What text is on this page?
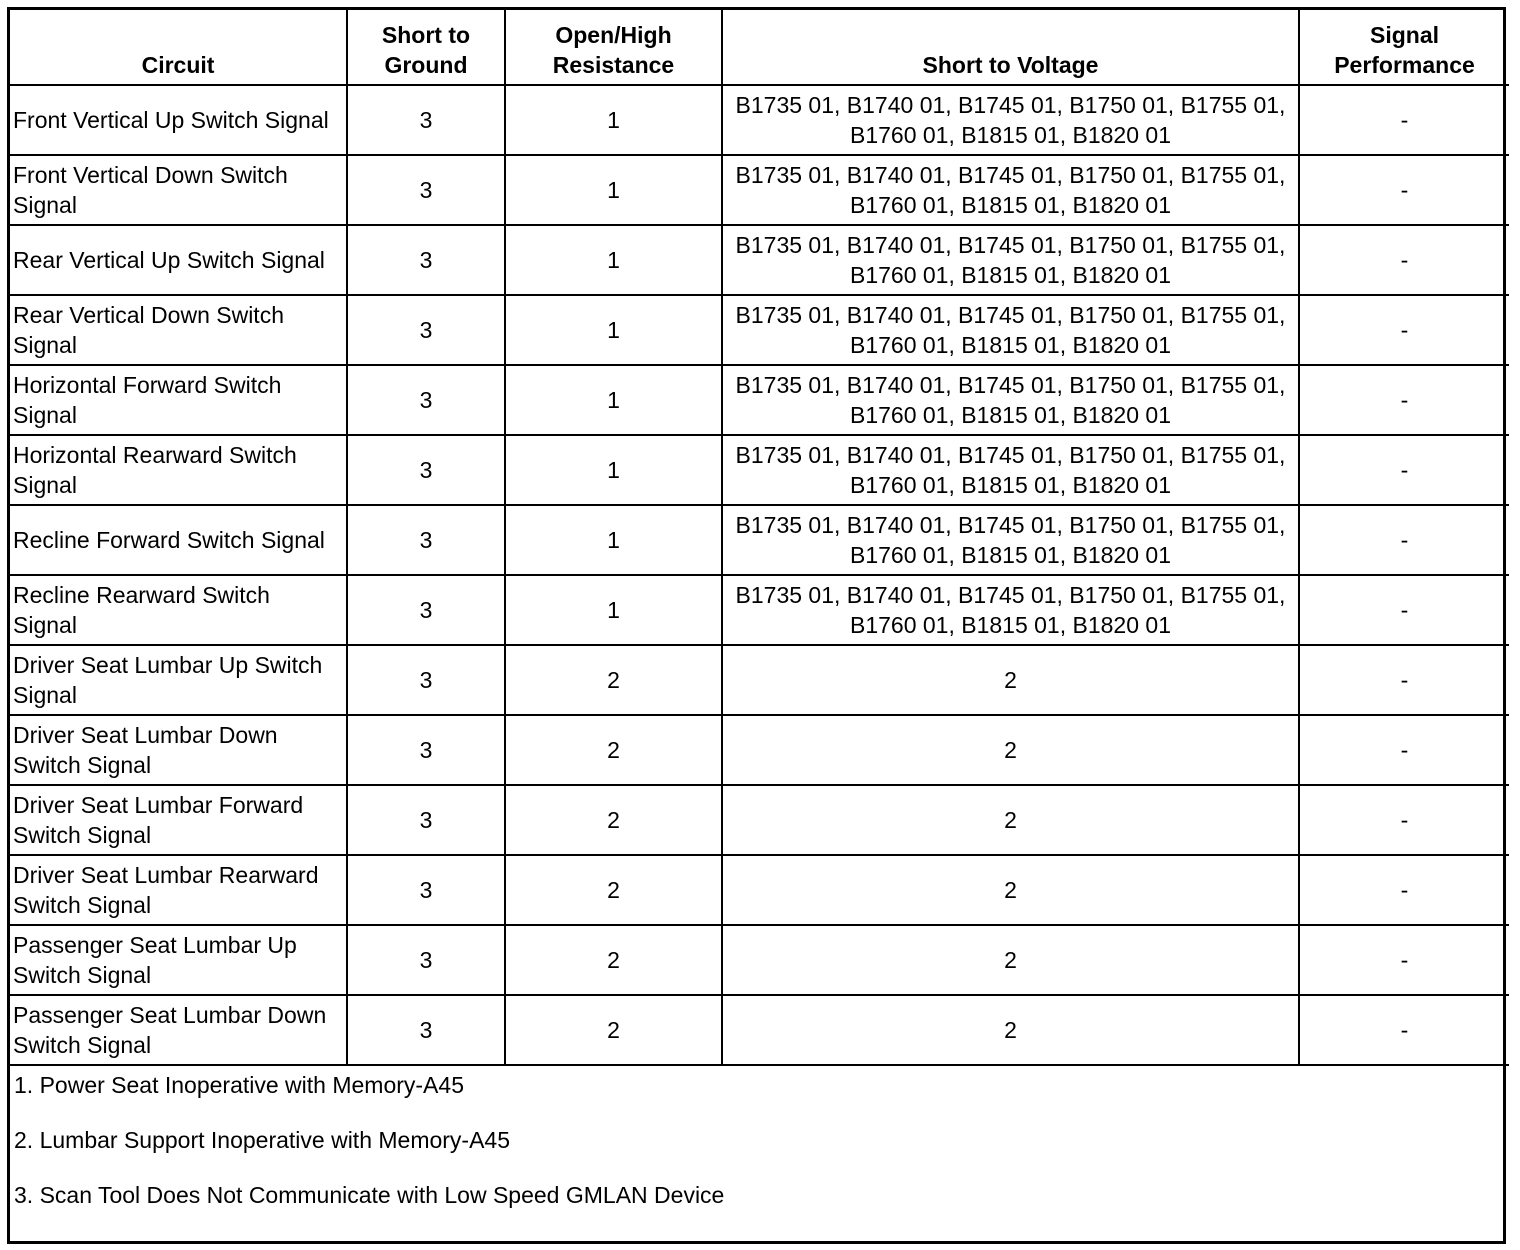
Circuit	Short to Ground	Open/High Resistance	Short to Voltage	Signal Performance
Front Vertical Up Switch Signal	3	1	B1735 01, B1740 01, B1745 01, B1750 01, B1755 01, B1760 01, B1815 01, B1820 01	-
Front Vertical Down Switch Signal	3	1	B1735 01, B1740 01, B1745 01, B1750 01, B1755 01, B1760 01, B1815 01, B1820 01	-
Rear Vertical Up Switch Signal	3	1	B1735 01, B1740 01, B1745 01, B1750 01, B1755 01, B1760 01, B1815 01, B1820 01	-
Rear Vertical Down Switch Signal	3	1	B1735 01, B1740 01, B1745 01, B1750 01, B1755 01, B1760 01, B1815 01, B1820 01	-
Horizontal Forward Switch Signal	3	1	B1735 01, B1740 01, B1745 01, B1750 01, B1755 01, B1760 01, B1815 01, B1820 01	-
Horizontal Rearward Switch Signal	3	1	B1735 01, B1740 01, B1745 01, B1750 01, B1755 01, B1760 01, B1815 01, B1820 01	-
Recline Forward Switch Signal	3	1	B1735 01, B1740 01, B1745 01, B1750 01, B1755 01, B1760 01, B1815 01, B1820 01	-
Recline Rearward Switch Signal	3	1	B1735 01, B1740 01, B1745 01, B1750 01, B1755 01, B1760 01, B1815 01, B1820 01	-
Driver Seat Lumbar Up Switch Signal	3	2	2	-
Driver Seat Lumbar Down Switch Signal	3	2	2	-
Driver Seat Lumbar Forward Switch Signal	3	2	2	-
Driver Seat Lumbar Rearward Switch Signal	3	2	2	-
Passenger Seat Lumbar Up Switch Signal	3	2	2	-
Passenger Seat Lumbar Down Switch Signal	3	2	2	-
1. Power Seat Inoperative with Memory-A45
2. Lumbar Support Inoperative with Memory-A45
3. Scan Tool Does Not Communicate with Low Speed GMLAN Device
